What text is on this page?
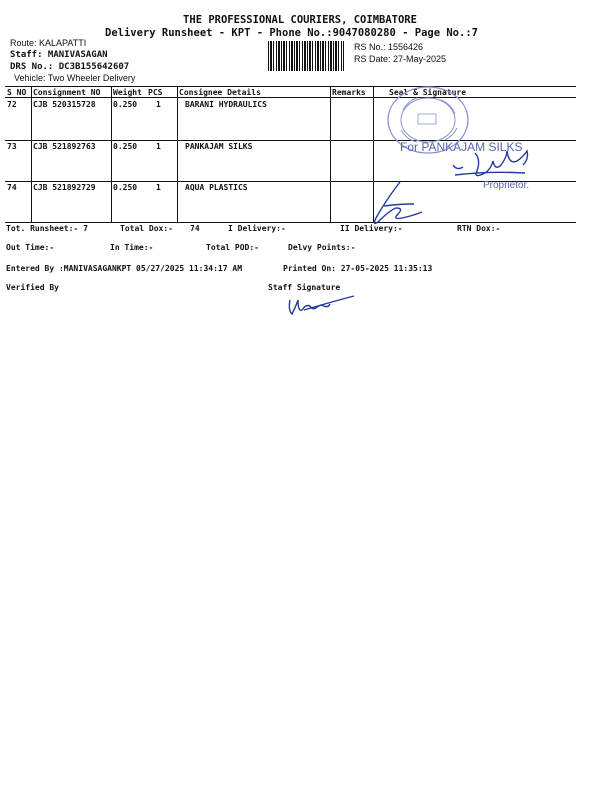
THE PROFESSIONAL COURIERS, COIMBATORE
Delivery Runsheet - KPT - Phone No.:9047080280 - Page No.:7
Route: KALAPATTI
Staff: MANIVASAGAN
DRS No.: DC3B155642607
Vehicle: Two Wheeler Delivery
RS No.: 1556426
RS Date: 27-May-2025
S NO Consignment NO Weight PCS Consignee Details	Remarks	Seal & Signature
72 CJB 520315728 0.250 1	BARANI HYDRAULICS
73 CJB 521892763 0.250 1	PANKAJAM SILKS
74 CJB 521892729 0.250 1	AQUA PLASTICS
For PANKAJAM SILKS
Proprietor.
Tot. Runsheet:- 7	Total Dox:- 74	I Delivery:-	II Delivery:-	RTN Dox:-
Out Time:-	In Time:-	Total POD:-	Delvy Points:-
Entered By :MANIVASAGANKPT 05/27/2025 11:34:17 AM	Printed On: 27-05-2025 11:35:13
Verified By	Staff Signature
